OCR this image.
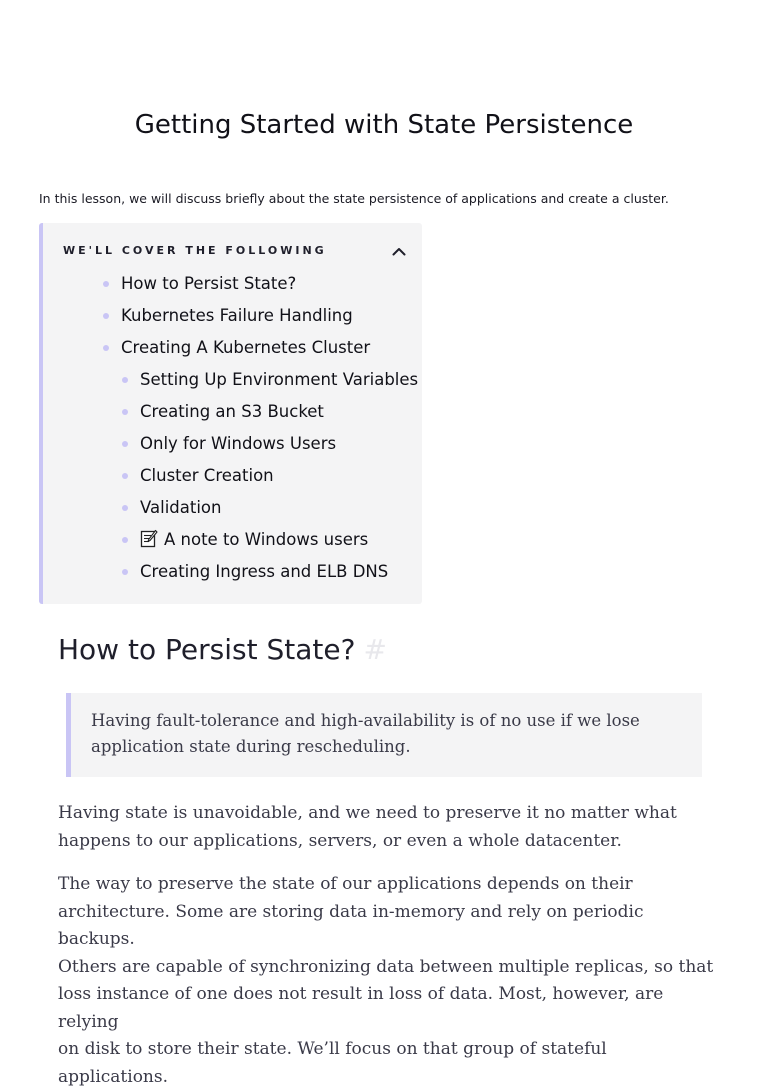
Getting Started with State Persistence

In this lesson, we will discuss briefly about the state persistence of applications and create a cluster.

WE'LL COVER THE FOLLOWING
How to Persist State?
Kubernetes Failure Handling
Creating A Kubernetes Cluster
Setting Up Environment Variables
Creating an S3 Bucket
Only for Windows Users
Cluster Creation
Validation
A note to Windows users
Creating Ingress and ELB DNS
How to Persist State? #
Having fault-tolerance and high-availability is of no use if we lose
application state during rescheduling.
Having state is unavoidable, and we need to preserve it no matter what
happens to our applications, servers, or even a whole datacenter.
The way to preserve the state of our applications depends on their
architecture. Some are storing data in-memory and rely on periodic backups.
Others are capable of synchronizing data between multiple replicas, so that
loss instance of one does not result in loss of data. Most, however, are relying
on disk to store their state. We’ll focus on that group of stateful applications.
